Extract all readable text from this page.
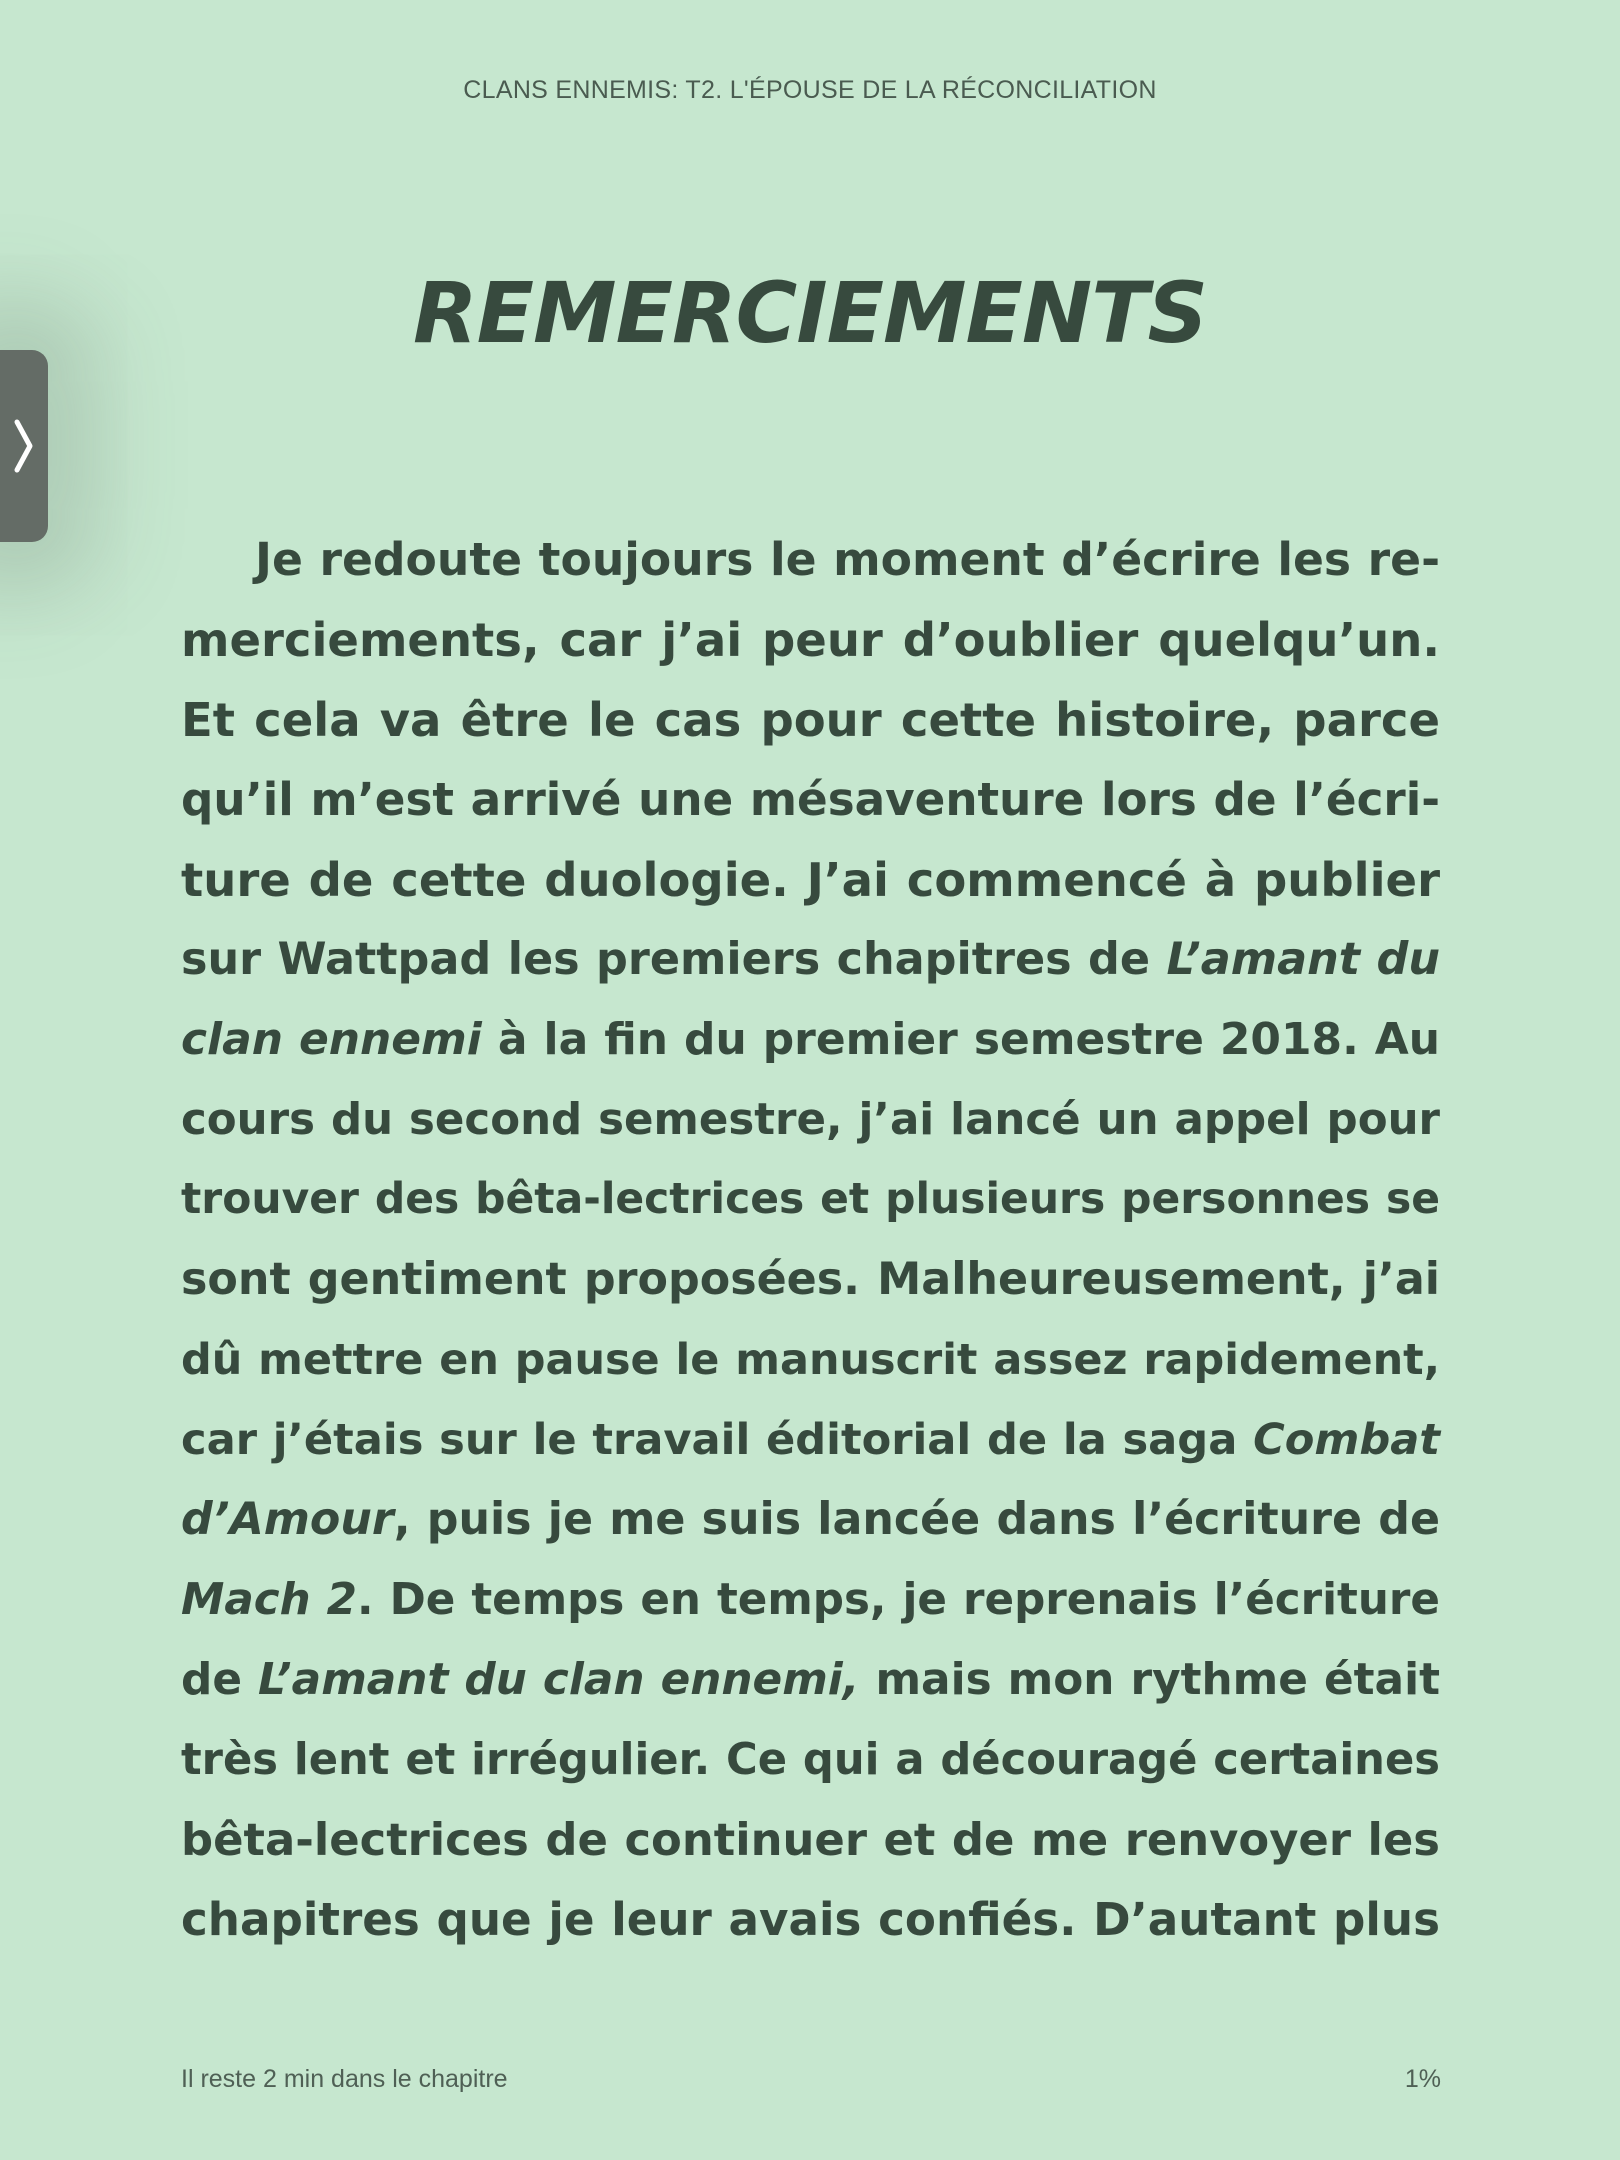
CLANS ENNEMIS: T2. L'ÉPOUSE DE LA RÉCONCILIATION
REMERCIEMENTS
Je redoute toujours le moment d’écrire les re-
merciements, car j’ai peur d’oublier quelqu’un.
Et cela va être le cas pour cette histoire, parce
qu’il m’est arrivé une mésaventure lors de l’écri-
ture de cette duologie. J’ai commencé à publier
sur Wattpad les premiers chapitres de L’amant du
clan ennemi à la fin du premier semestre 2018. Au
cours du second semestre, j’ai lancé un appel pour
trouver des bêta-lectrices et plusieurs personnes se
sont gentiment proposées. Malheureusement, j’ai
dû mettre en pause le manuscrit assez rapidement,
car j’étais sur le travail éditorial de la saga Combat
d’Amour, puis je me suis lancée dans l’écriture de
Mach 2. De temps en temps, je reprenais l’écriture
de L’amant du clan ennemi, mais mon rythme était
très lent et irrégulier. Ce qui a découragé certaines
bêta-lectrices de continuer et de me renvoyer les
chapitres que je leur avais confiés. D’autant plus
Il reste 2 min dans le chapitre	1%
